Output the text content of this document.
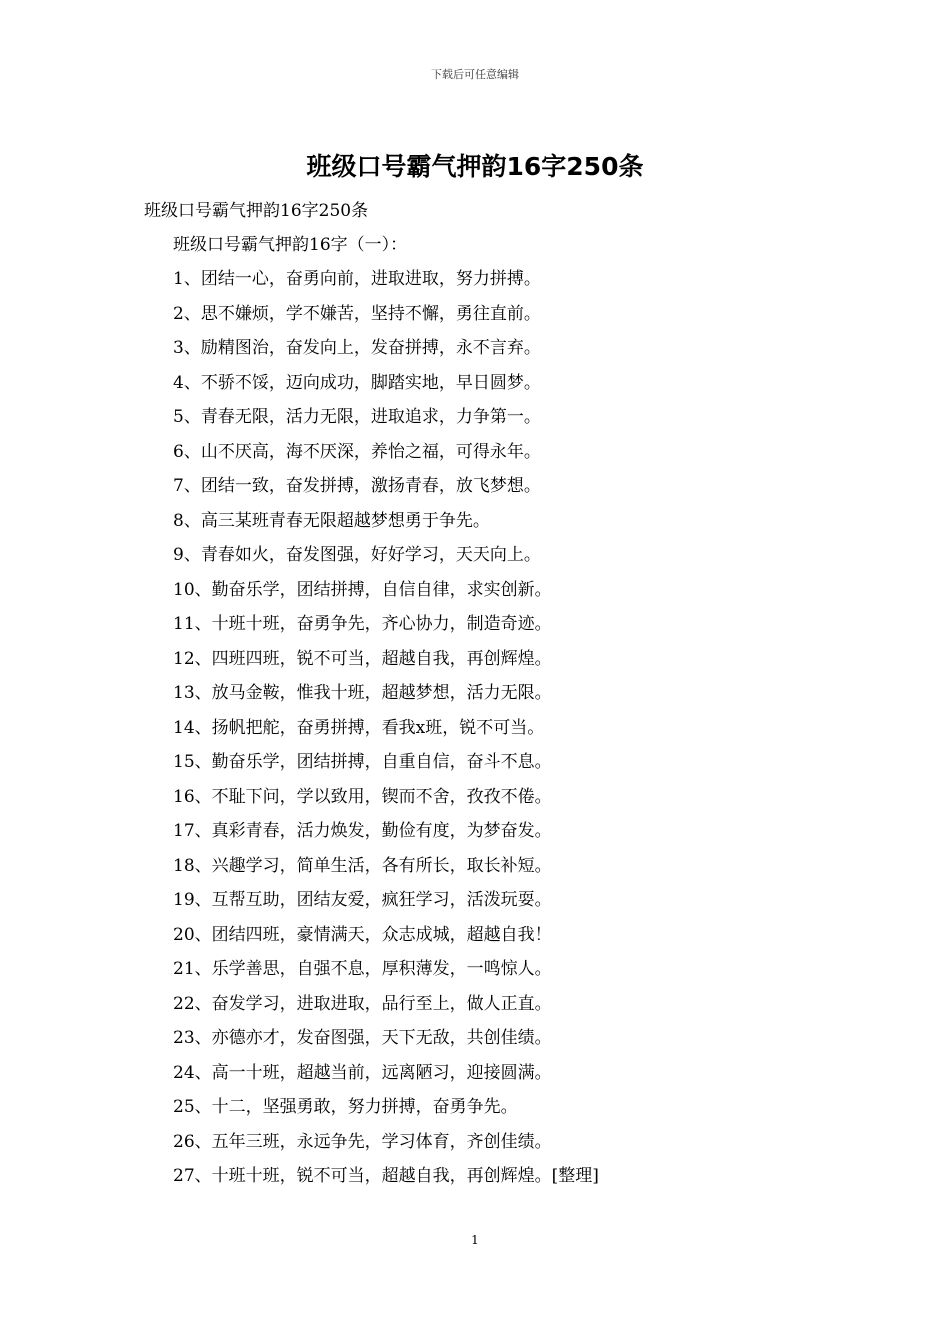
下载后可任意编辑
班级口号霸气押韵16字250条
班级口号霸气押韵16字250条
班级口号霸气押韵16字（一）：
1、团结一心，奋勇向前，进取进取，努力拼搏。
2、思不嫌烦，学不嫌苦，坚持不懈，勇往直前。
3、励精图治，奋发向上，发奋拼搏，永不言弃。
4、不骄不馁，迈向成功，脚踏实地，早日圆梦。
5、青春无限，活力无限，进取追求，力争第一。
6、山不厌高，海不厌深，养怡之福，可得永年。
7、团结一致，奋发拼搏，激扬青春，放飞梦想。
8、高三某班青春无限超越梦想勇于争先。
9、青春如火，奋发图强，好好学习，天天向上。
10、勤奋乐学，团结拼搏，自信自律，求实创新。
11、十班十班，奋勇争先，齐心协力，制造奇迹。
12、四班四班，锐不可当，超越自我，再创辉煌。
13、放马金鞍，惟我十班，超越梦想，活力无限。
14、扬帆把舵，奋勇拼搏，看我x班，锐不可当。
15、勤奋乐学，团结拼搏，自重自信，奋斗不息。
16、不耻下问，学以致用，锲而不舍，孜孜不倦。
17、真彩青春，活力焕发，勤俭有度，为梦奋发。
18、兴趣学习，简单生活，各有所长，取长补短。
19、互帮互助，团结友爱，疯狂学习，活泼玩耍。
20、团结四班，豪情满天，众志成城，超越自我！
21、乐学善思，自强不息，厚积薄发，一鸣惊人。
22、奋发学习，进取进取，品行至上，做人正直。
23、亦德亦才，发奋图强，天下无敌，共创佳绩。
24、高一十班，超越当前，远离陋习，迎接圆满。
25、十二，坚强勇敢，努力拼搏，奋勇争先。
26、五年三班，永远争先，学习体育，齐创佳绩。
27、十班十班，锐不可当，超越自我，再创辉煌。[整理]
1
